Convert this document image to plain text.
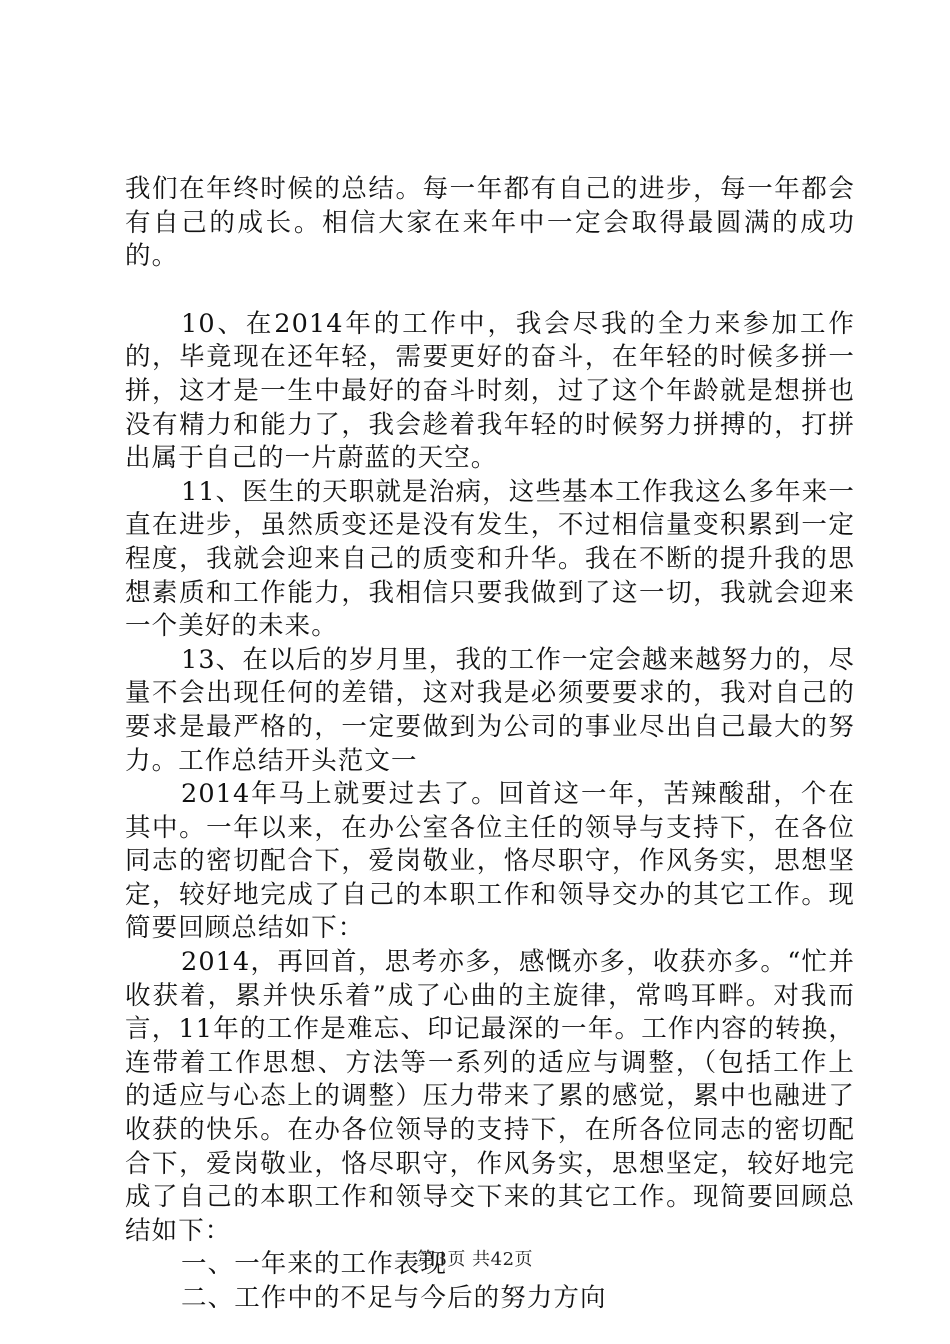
我们在年终时候的总结。每一年都有自己的进步，每一年都会有自己的成长。相信大家在来年中一定会取得最圆满的成功的。

10、在2014年的工作中，我会尽我的全力来参加工作的，毕竟现在还年轻，需要更好的奋斗，在年轻的时候多拼一拼，这才是一生中最好的奋斗时刻，过了这个年龄就是想拼也没有精力和能力了，我会趁着我年轻的时候努力拼搏的，打拼出属于自己的一片蔚蓝的天空。

11、医生的天职就是治病，这些基本工作我这么多年来一直在进步，虽然质变还是没有发生，不过相信量变积累到一定程度，我就会迎来自己的质变和升华。我在不断的提升我的思想素质和工作能力，我相信只要我做到了这一切，我就会迎来一个美好的未来。

13、在以后的岁月里，我的工作一定会越来越努力的，尽量不会出现任何的差错，这对我是必须要要求的，我对自己的要求是最严格的，一定要做到为公司的事业尽出自己最大的努力。工作总结开头范文一

2014年马上就要过去了。回首这一年，苦辣酸甜，个在其中。一年以来，在办公室各位主任的领导与支持下，在各位同志的密切配合下，爱岗敬业，恪尽职守，作风务实，思想坚定，较好地完成了自己的本职工作和领导交办的其它工作。现简要回顾总结如下：

2014，再回首，思考亦多，感慨亦多，收获亦多。“忙并收获着，累并快乐着”成了心曲的主旋律，常鸣耳畔。对我而言，11年的工作是难忘、印记最深的一年。工作内容的转换，连带着工作思想、方法等一系列的适应与调整，（包括工作上的适应与心态上的调整）压力带来了累的感觉，累中也融进了收获的快乐。在办各位领导的支持下，在所各位同志的密切配合下，爱岗敬业，恪尽职守，作风务实，思想坚定，较好地完成了自己的本职工作和领导交下来的其它工作。现简要回顾总结如下：

一、一年来的工作表现

二、工作中的不足与今后的努力方向

第3页 共42页
